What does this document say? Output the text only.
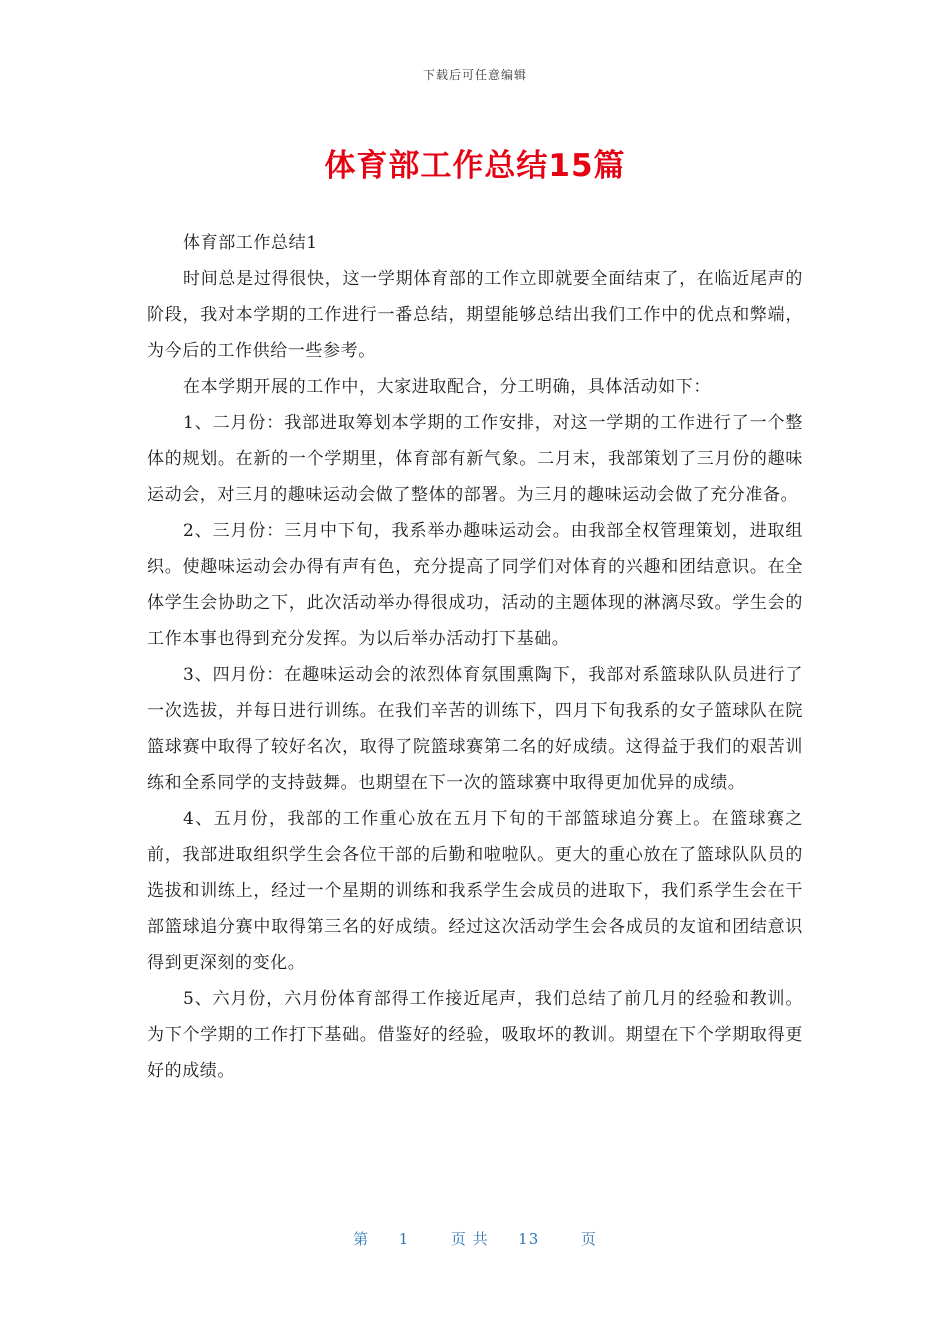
下载后可任意编辑
体育部工作总结15篇

体育部工作总结1

时间总是过得很快，这一学期体育部的工作立即就要全面结束了，在临近尾声的阶段，我对本学期的工作进行一番总结，期望能够总结出我们工作中的优点和弊端，为今后的工作供给一些参考。

在本学期开展的工作中，大家进取配合，分工明确，具体活动如下：

1、二月份：我部进取筹划本学期的工作安排，对这一学期的工作进行了一个整体的规划。在新的一个学期里，体育部有新气象。二月末，我部策划了三月份的趣味运动会，对三月的趣味运动会做了整体的部署。为三月的趣味运动会做了充分准备。

2、三月份：三月中下旬，我系举办趣味运动会。由我部全权管理策划，进取组织。使趣味运动会办得有声有色，充分提高了同学们对体育的兴趣和团结意识。在全体学生会协助之下，此次活动举办得很成功，活动的主题体现的淋漓尽致。学生会的工作本事也得到充分发挥。为以后举办活动打下基础。

3、四月份：在趣味运动会的浓烈体育氛围熏陶下，我部对系篮球队队员进行了一次选拔，并每日进行训练。在我们辛苦的训练下，四月下旬我系的女子篮球队在院篮球赛中取得了较好名次，取得了院篮球赛第二名的好成绩。这得益于我们的艰苦训练和全系同学的支持鼓舞。也期望在下一次的篮球赛中取得更加优异的成绩。

4、五月份，我部的工作重心放在五月下旬的干部篮球追分赛上。在篮球赛之前，我部进取组织学生会各位干部的后勤和啦啦队。更大的重心放在了篮球队队员的选拔和训练上，经过一个星期的训练和我系学生会成员的进取下，我们系学生会在干部篮球追分赛中取得第三名的好成绩。经过这次活动学生会各成员的友谊和团结意识得到更深刻的变化。

5、六月份，六月份体育部得工作接近尾声，我们总结了前几月的经验和教训。为下个学期的工作打下基础。借鉴好的经验，吸取坏的教训。期望在下个学期取得更好的成绩。

第 1	页 共 13	页
